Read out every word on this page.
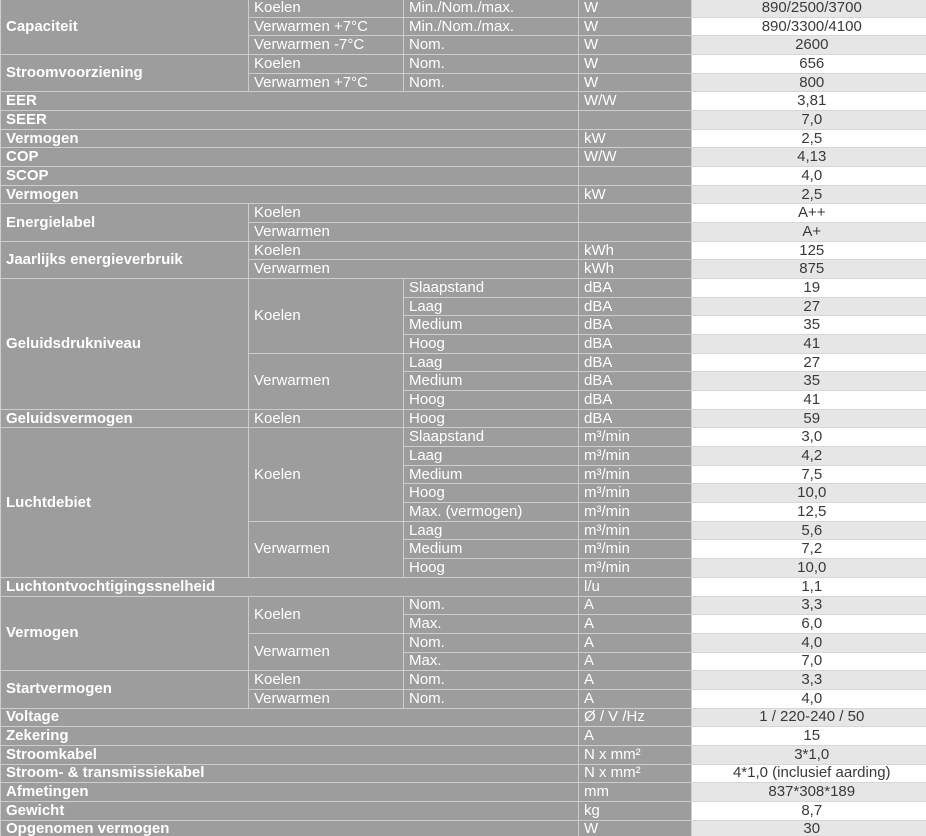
Capaciteit	Koelen	Min./Nom./max.	W	890/2500/3700
	Verwarmen +7°C	Min./Nom./max.	W	890/3300/4100
	Verwarmen -7°C	Nom.	W	2600
Stroomvoorziening	Koelen	Nom.	W	656
	Verwarmen +7°C	Nom.	W	800
EER			W/W	3,81
SEER				7,0
Vermogen			kW	2,5
COP			W/W	4,13
SCOP				4,0
Vermogen			kW	2,5
Energielabel	Koelen			A++
	Verwarmen			A+
Jaarlijks energieverbruik	Koelen		kWh	125
	Verwarmen		kWh	875
Geluidsdrukniveau	Koelen	Slaapstand	dBA	19
		Laag	dBA	27
		Medium	dBA	35
		Hoog	dBA	41
	Verwarmen	Laag	dBA	27
		Medium	dBA	35
		Hoog	dBA	41
Geluidsvermogen	Koelen	Hoog	dBA	59
Luchtdebiet	Koelen	Slaapstand	m³/min	3,0
		Laag	m³/min	4,2
		Medium	m³/min	7,5
		Hoog	m³/min	10,0
		Max. (vermogen)	m³/min	12,5
	Verwarmen	Laag	m³/min	5,6
		Medium	m³/min	7,2
		Hoog	m³/min	10,0
Luchtontvochtigingssnelheid			l/u	1,1
Vermogen	Koelen	Nom.	A	3,3
		Max.	A	6,0
	Verwarmen	Nom.	A	4,0
		Max.	A	7,0
Startvermogen	Koelen	Nom.	A	3,3
	Verwarmen	Nom.	A	4,0
Voltage			Ø / V /Hz	1 / 220-240 / 50
Zekering			A	15
Stroomkabel			N x mm²	3*1,0
Stroom- & transmissiekabel			N x mm²	4*1,0 (inclusief aarding)
Afmetingen			mm	837*308*189
Gewicht			kg	8,7
Opgenomen vermogen			W	30
